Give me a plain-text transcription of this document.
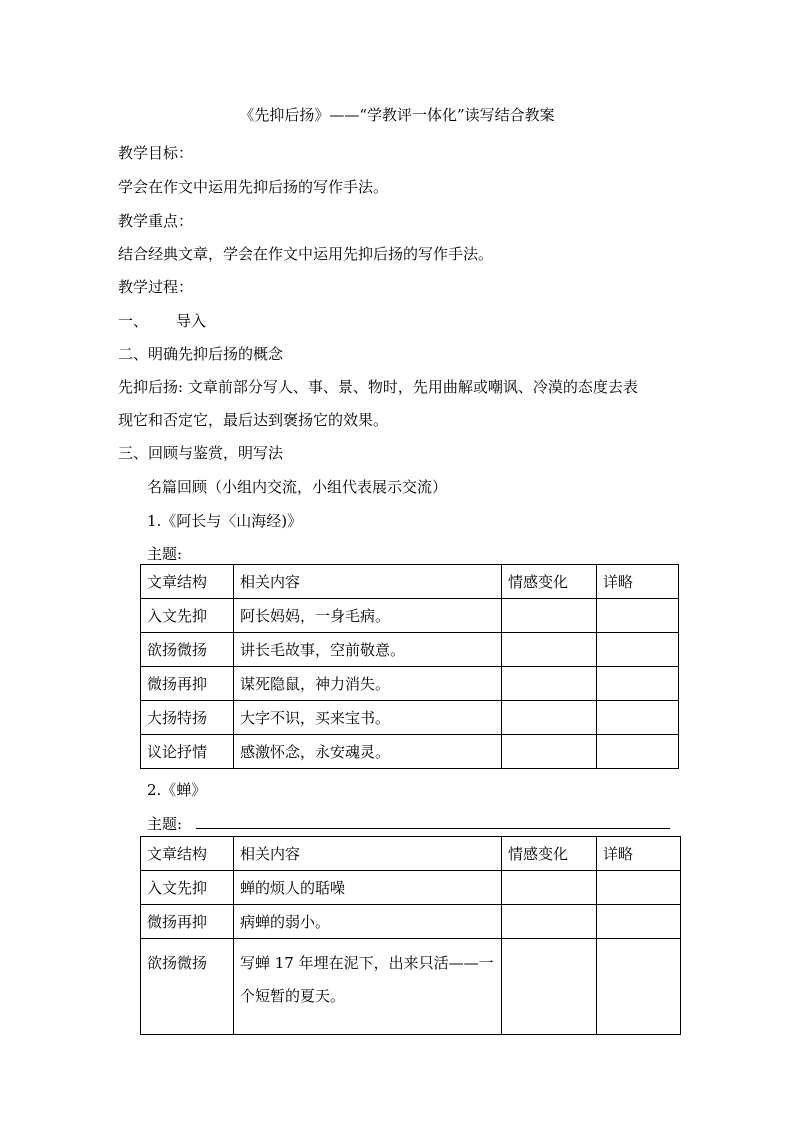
《先抑后扬》——“学教评一体化”读写结合教案
教学目标：
学会在作文中运用先抑后扬的写作手法。
教学重点：
结合经典文章，学会在作文中运用先抑后扬的写作手法。
教学过程：
一、 导入
二、明确先抑后扬的概念
先抑后扬: 文章前部分写人、事、景、物时，先用曲解或嘲讽、冷漠的态度去表
现它和否定它，最后达到褒扬它的效果。
三、回顾与鉴赏，明写法
名篇回顾（小组内交流，小组代表展示交流）
1.《阿长与〈山海经)》
主题:
文章结构	相关内容	情感变化	详略
入文先抑	阿长妈妈，一身毛病。		
欲扬微扬	讲长毛故事，空前敬意。		
微扬再抑	谋死隐鼠，神力消失。		
大扬特扬	大字不识，买来宝书。		
议论抒情	感激怀念，永安魂灵。		
2.《蝉》
主题:
文章结构	相关内容	情感变化	详略
入文先抑	蝉的烦人的聒噪		
微扬再抑	病蝉的弱小。		
欲扬微扬	写蝉 17 年埋在泥下，出来只活——一个短暂的夏天。		
